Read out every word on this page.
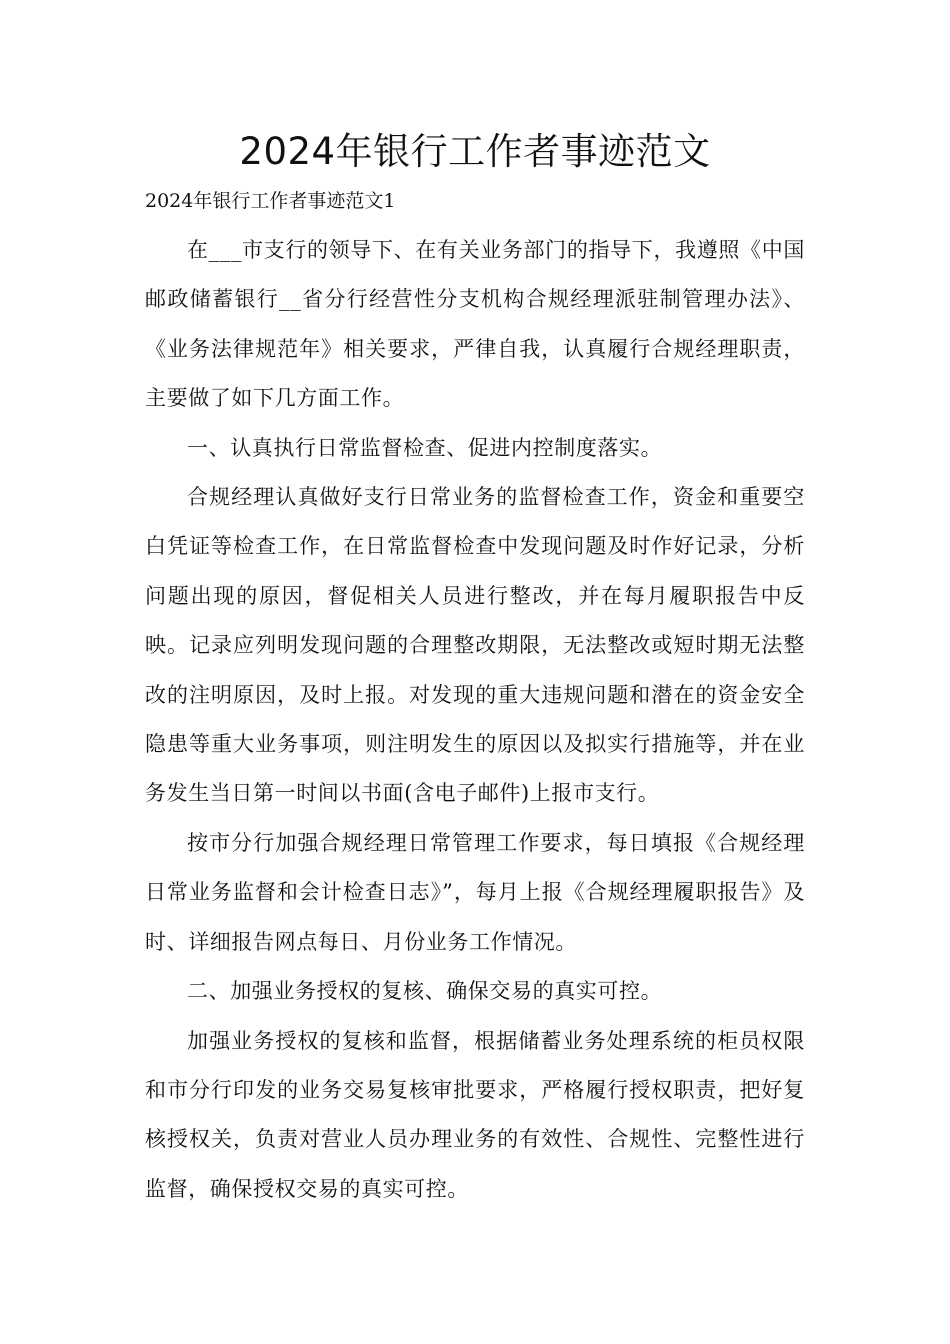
2024年银行工作者事迹范文
2024年银行工作者事迹范文1

在___市支行的领导下、在有关业务部门的指导下，我遵照《中国邮政储蓄银行__省分行经营性分支机构合规经理派驻制管理办法》、《业务法律规范年》相关要求，严律自我，认真履行合规经理职责，主要做了如下几方面工作。

一、认真执行日常监督检查、促进内控制度落实。

合规经理认真做好支行日常业务的监督检查工作，资金和重要空白凭证等检查工作，在日常监督检查中发现问题及时作好记录，分析问题出现的原因，督促相关人员进行整改，并在每月履职报告中反映。记录应列明发现问题的合理整改期限，无法整改或短时期无法整改的注明原因，及时上报。对发现的重大违规问题和潜在的资金安全隐患等重大业务事项，则注明发生的原因以及拟实行措施等，并在业务发生当日第一时间以书面(含电子邮件)上报市支行。

按市分行加强合规经理日常管理工作要求，每日填报《合规经理日常业务监督和会计检查日志》”，每月上报《合规经理履职报告》及时、详细报告网点每日、月份业务工作情况。

二、加强业务授权的复核、确保交易的真实可控。

加强业务授权的复核和监督，根据储蓄业务处理系统的柜员权限和市分行印发的业务交易复核审批要求，严格履行授权职责，把好复核授权关，负责对营业人员办理业务的有效性、合规性、完整性进行监督，确保授权交易的真实可控。
